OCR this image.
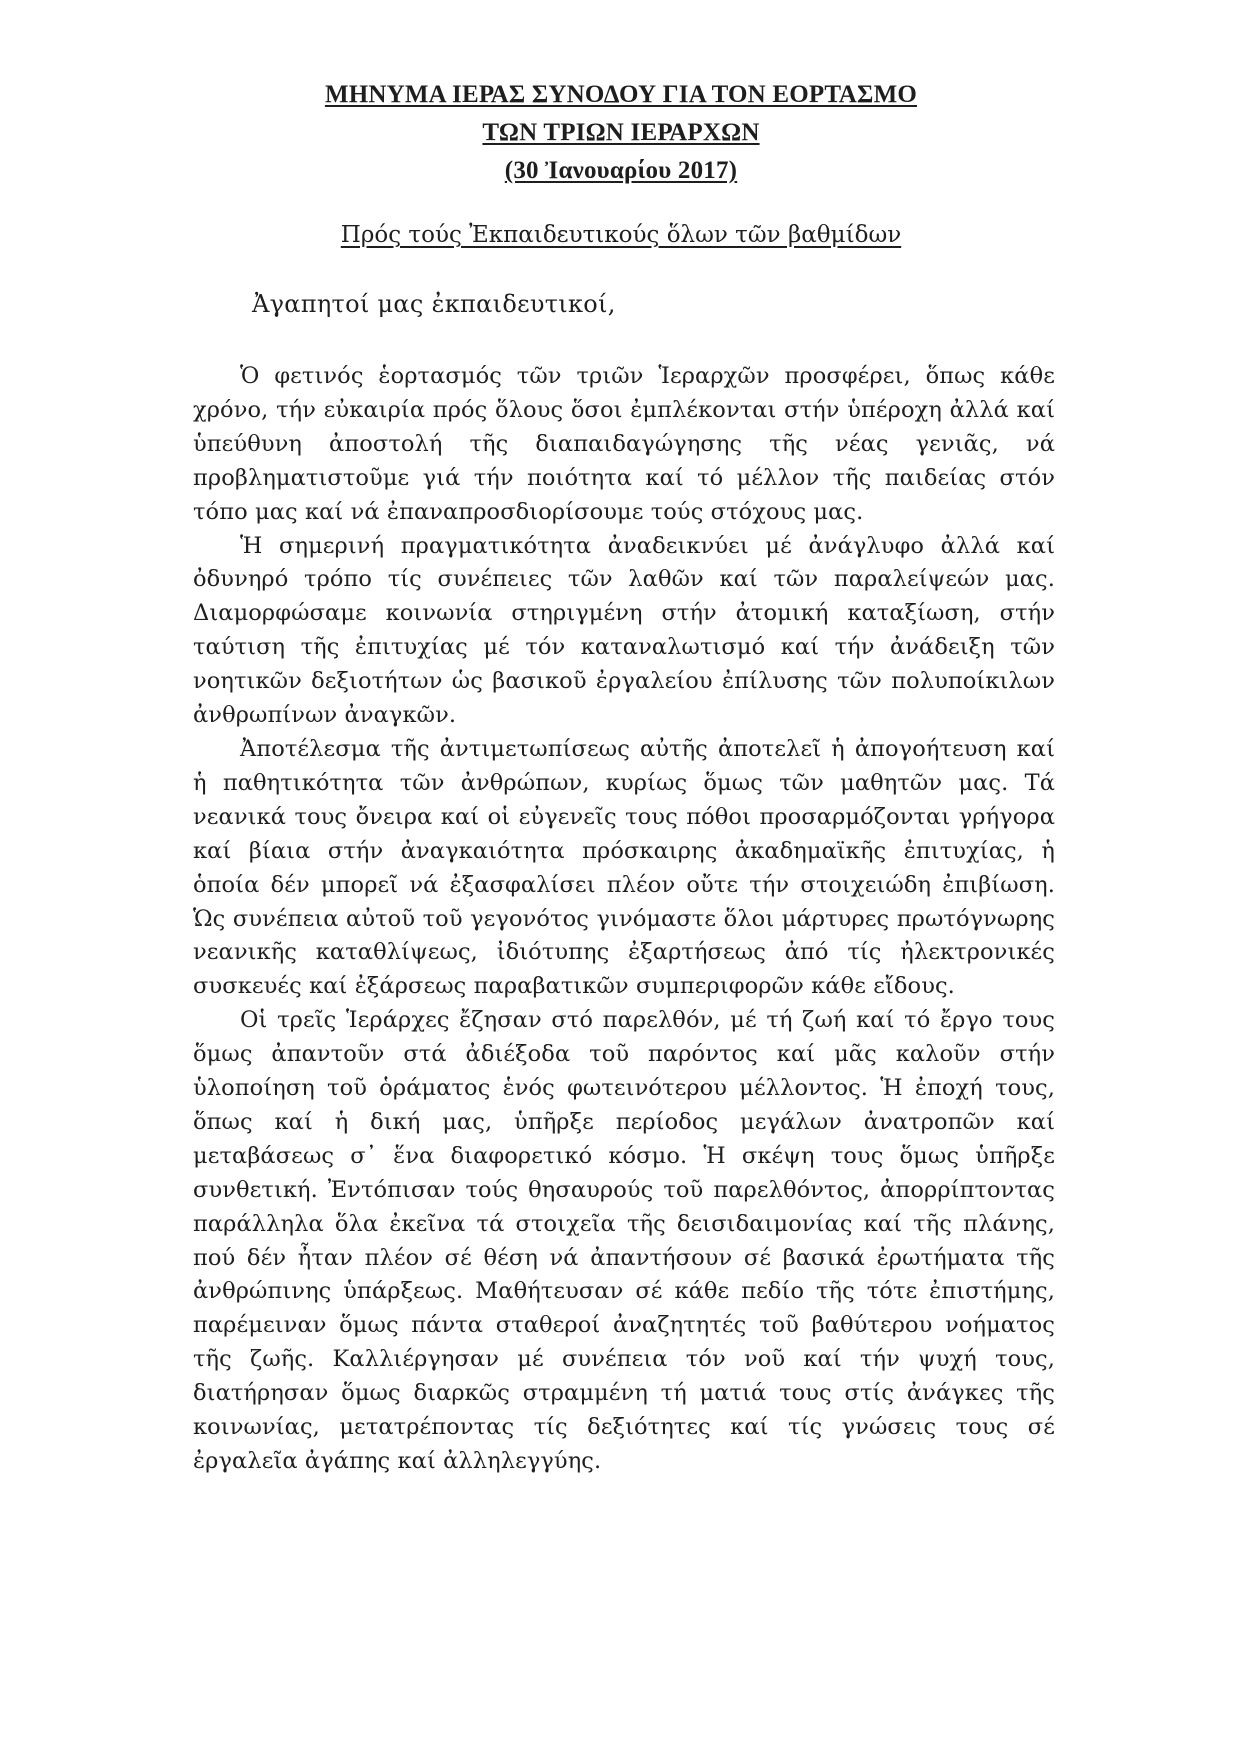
ΜΗΝΥΜΑ ΙΕΡΑΣ ΣΥΝΟΔΟΥ ΓΙΑ ΤΟΝ ΕΟΡΤΑΣΜΟ
ΤΩΝ ΤΡΙΩΝ ΙΕΡΑΡΧΩΝ
(30 Ἰανουαρίου 2017)
Πρός τούς Ἐκπαιδευτικούς ὅλων τῶν βαθμίδων
Ἀγαπητοί μας ἐκπαιδευτικοί,

Ὁ φετινός ἑορτασμός τῶν τριῶν Ἱεραρχῶν προσφέρει, ὅπως κάθε χρόνο, τήν εὐκαιρία πρός ὅλους ὅσοι ἐμπλέκονται στήν ὑπέροχη ἀλλά καί ὑπεύθυνη ἀποστολή τῆς διαπαιδαγώγησης τῆς νέας γενιᾶς, νά προβληματιστοῦμε γιά τήν ποιότητα καί τό μέλλον τῆς παιδείας στόν τόπο μας καί νά ἐπαναπροσδιορίσουμε τούς στόχους μας.

Ἡ σημερινή πραγματικότητα ἀναδεικνύει μέ ἀνάγλυφο ἀλλά καί ὀδυνηρό τρόπο τίς συνέπειες τῶν λαθῶν καί τῶν παραλείψεών μας. Διαμορφώσαμε κοινωνία στηριγμένη στήν ἀτομική καταξίωση, στήν ταύτιση τῆς ἐπιτυχίας μέ τόν καταναλωτισμό καί τήν ἀνάδειξη τῶν νοητικῶν δεξιοτήτων ὡς βασικοῦ ἐργαλείου ἐπίλυσης τῶν πολυποίκιλων ἀνθρωπίνων ἀναγκῶν.

Ἀποτέλεσμα τῆς ἀντιμετωπίσεως αὐτῆς ἀποτελεῖ ἡ ἀπογοήτευση καί ἡ παθητικότητα τῶν ἀνθρώπων, κυρίως ὅμως τῶν μαθητῶν μας. Τά νεανικά τους ὄνειρα καί οἱ εὐγενεῖς τους πόθοι προσαρμόζονται γρήγορα καί βίαια στήν ἀναγκαιότητα πρόσκαιρης ἀκαδημαϊκῆς ἐπιτυχίας, ἡ ὁποία δέν μπορεῖ νά ἐξασφαλίσει πλέον οὔτε τήν στοιχειώδη ἐπιβίωση. Ὡς συνέπεια αὐτοῦ τοῦ γεγονότος γινόμαστε ὅλοι μάρτυρες πρωτόγνωρης νεανικῆς καταθλίψεως, ἰδιότυπης ἐξαρτήσεως ἀπό τίς ἠλεκτρονικές συσκευές καί ἐξάρσεως παραβατικῶν συμπεριφορῶν κάθε εἴδους.

Οἱ τρεῖς Ἱεράρχες ἔζησαν στό παρελθόν, μέ τή ζωή καί τό ἔργο τους ὅμως ἀπαντοῦν στά ἀδιέξοδα τοῦ παρόντος καί μᾶς καλοῦν στήν ὑλοποίηση τοῦ ὁράματος ἑνός φωτεινότερου μέλλοντος. Ἡ ἐποχή τους, ὅπως καί ἡ δική μας, ὑπῆρξε περίοδος μεγάλων ἀνατροπῶν καί μεταβάσεως σ᾽ ἕνα διαφορετικό κόσμο. Ἡ σκέψη τους ὅμως ὑπῆρξε συνθετική. Ἐντόπισαν τούς θησαυρούς τοῦ παρελθόντος, ἀπορρίπτοντας παράλληλα ὅλα ἐκεῖνα τά στοιχεῖα τῆς δεισιδαιμονίας καί τῆς πλάνης, πού δέν ἦταν πλέον σέ θέση νά ἀπαντήσουν σέ βασικά ἐρωτήματα τῆς ἀνθρώπινης ὑπάρξεως. Μαθήτευσαν σέ κάθε πεδίο τῆς τότε ἐπιστήμης, παρέμειναν ὅμως πάντα σταθεροί ἀναζητητές τοῦ βαθύτερου νοήματος τῆς ζωῆς. Καλλιέργησαν μέ συνέπεια τόν νοῦ καί τήν ψυχή τους, διατήρησαν ὅμως διαρκῶς στραμμένη τή ματιά τους στίς ἀνάγκες τῆς κοινωνίας, μετατρέποντας τίς δεξιότητες καί τίς γνώσεις τους σέ ἐργαλεῖα ἀγάπης καί ἀλληλεγγύης.
